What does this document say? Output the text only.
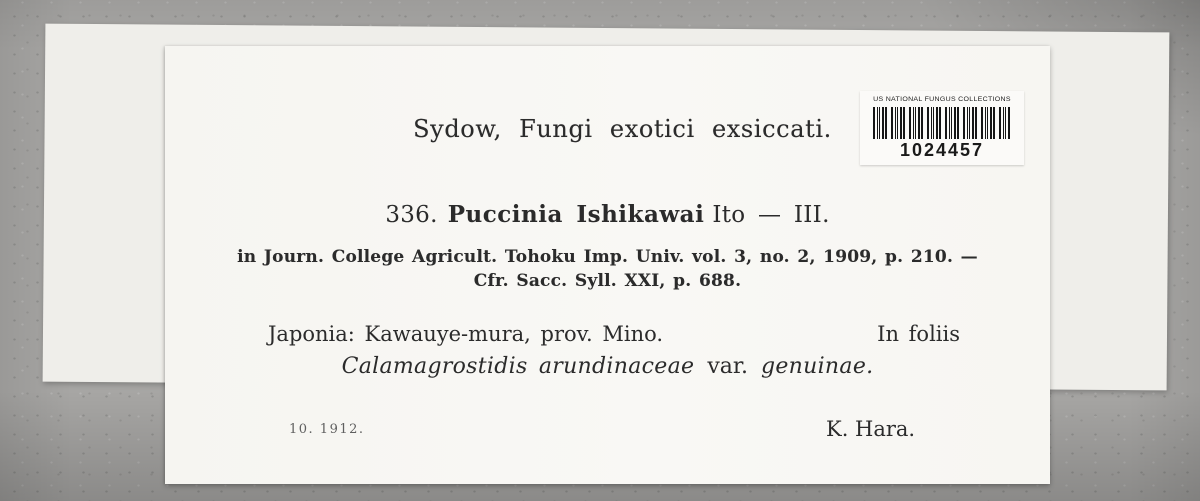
Sydow, Fungi exotici exsiccati.
336. Puccinia Ishikawai Ito — III.
in Journ. College Agricult. Tohoku Imp. Univ. vol. 3, no. 2, 1909, p. 210. —
Cfr. Sacc. Syll. XXI, p. 688.
Japonia: Kawauye-mura, prov. Mino.	In foliis
Calamagrostidis arundinaceae var. genuinae.
10. 1912.	K. Hara.
US NATIONAL FUNGUS COLLECTIONS
1024457
